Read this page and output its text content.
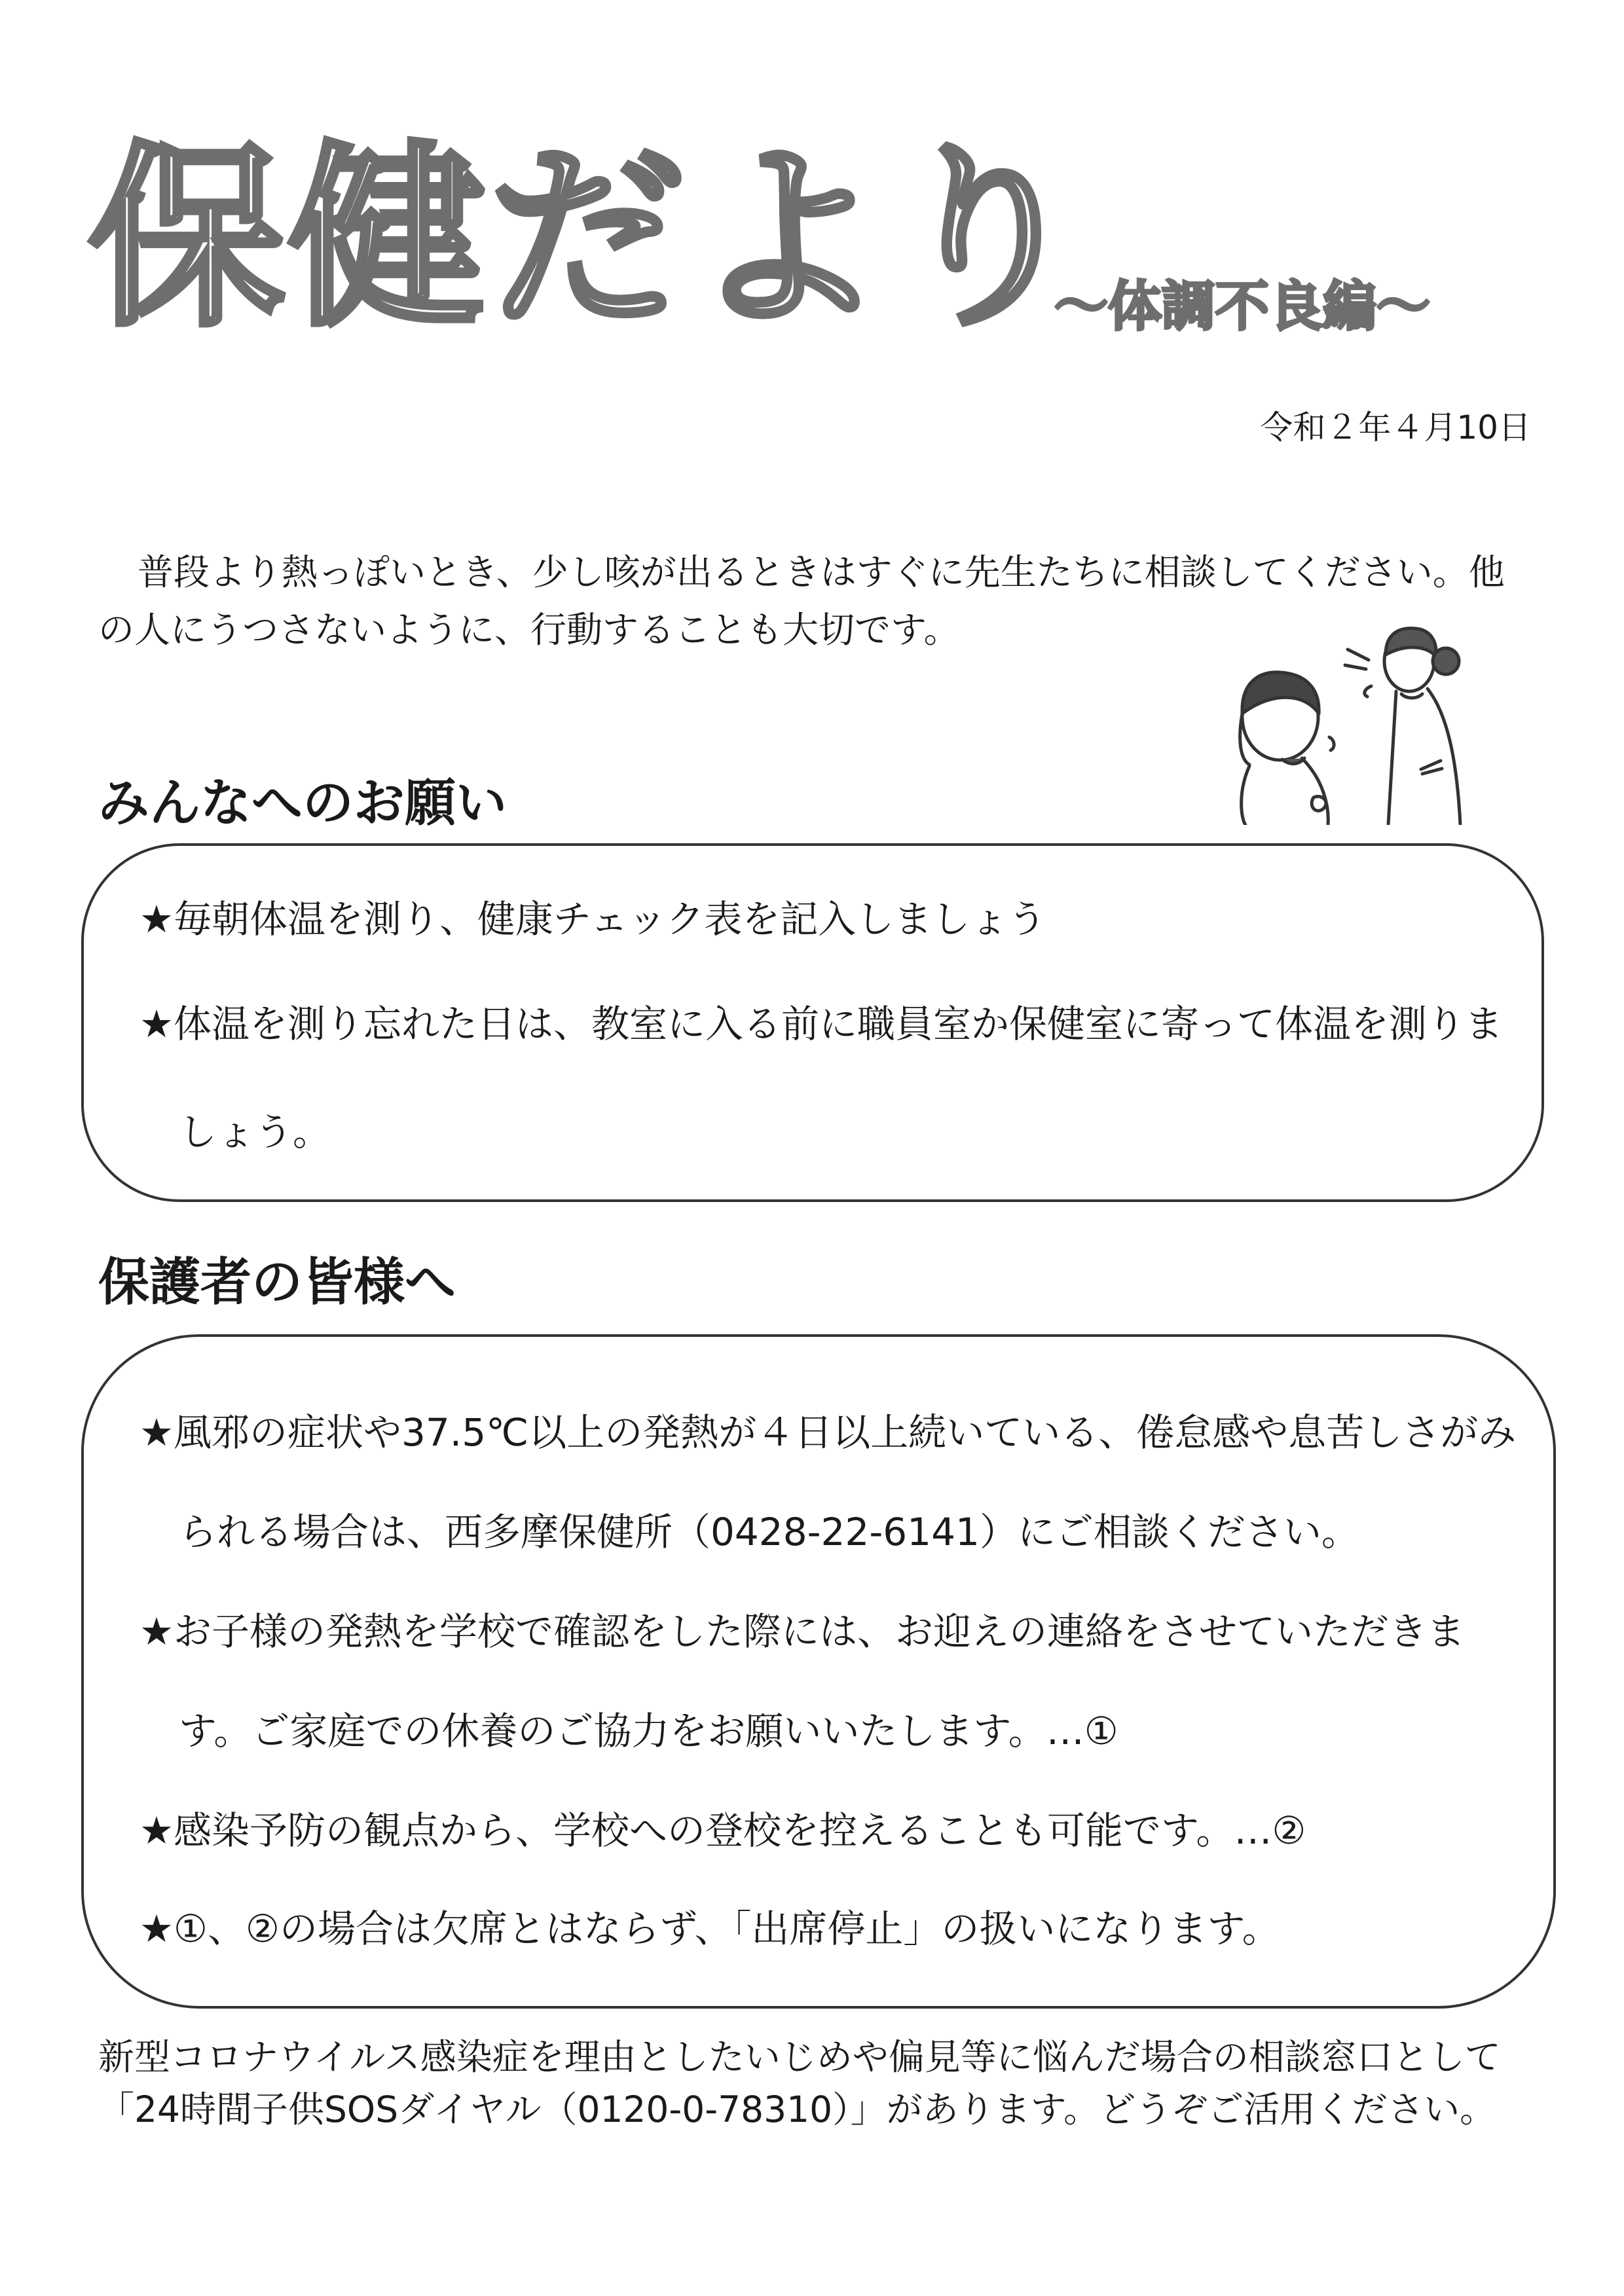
保健だより
～体調不良編～
令和２年４月10日

普段より熱っぽいとき、少し咳が出るときはすぐに先生たちに相談してください。他の人にうつさないように、行動することも大切です。

みんなへのお願い

★毎朝体温を測り、健康チェック表を記入しましょう

★体温を測り忘れた日は、教室に入る前に職員室か保健室に寄って体温を測りましょう。

保護者の皆様へ

★風邪の症状や37.5℃以上の発熱が４日以上続いている、倦怠感や息苦しさがみられる場合は、西多摩保健所（0428-22-6141）にご相談ください。

★お子様の発熱を学校で確認をした際には、お迎えの連絡をさせていただきます。ご家庭での休養のご協力をお願いいたします。…①

★感染予防の観点から、学校への登校を控えることも可能です。…②

★①、②の場合は欠席とはならず、「出席停止」の扱いになります。

新型コロナウイルス感染症を理由としたいじめや偏見等に悩んだ場合の相談窓口として
「24時間子供SOSダイヤル（0120-0-78310）」があります。どうぞご活用ください。
